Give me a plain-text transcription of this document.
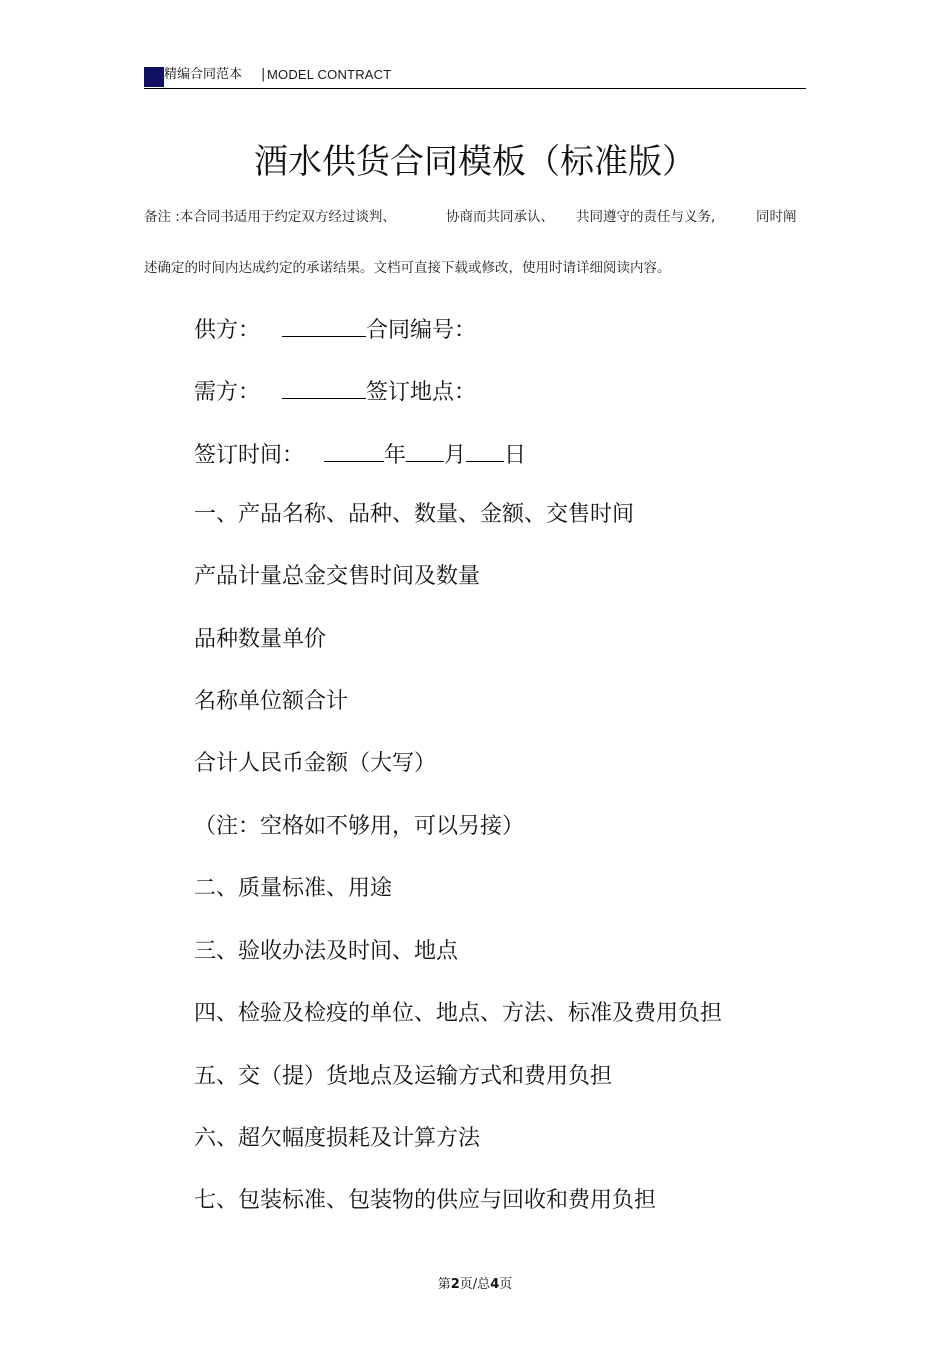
精编合同范本 | MODEL CONTRACT
酒水供货合同模板（标准版）
备注 :本合同书适用于约定双方经过谈判、	协商而共同承认、 共同遵守的责任与义务,	同时阐
述确定的时间内达成约定的承诺结果。文档可直接下载或修改，使用时请详细阅读内容。
供方：	合同编号：
需方：	签订地点：
签订时间：	年 月 日
一、产品名称、品种、数量、金额、交售时间
产品计量总金交售时间及数量
品种数量单价
名称单位额合计
合计人民币金额（大写）
（注：空格如不够用，可以另接）
二、质量标准、用途
三、验收办法及时间、地点
四、检验及检疫的单位、地点、方法、标准及费用负担
五、交（提）货地点及运输方式和费用负担
六、超欠幅度损耗及计算方法
七、包装标准、包装物的供应与回收和费用负担
第2页/总4页
